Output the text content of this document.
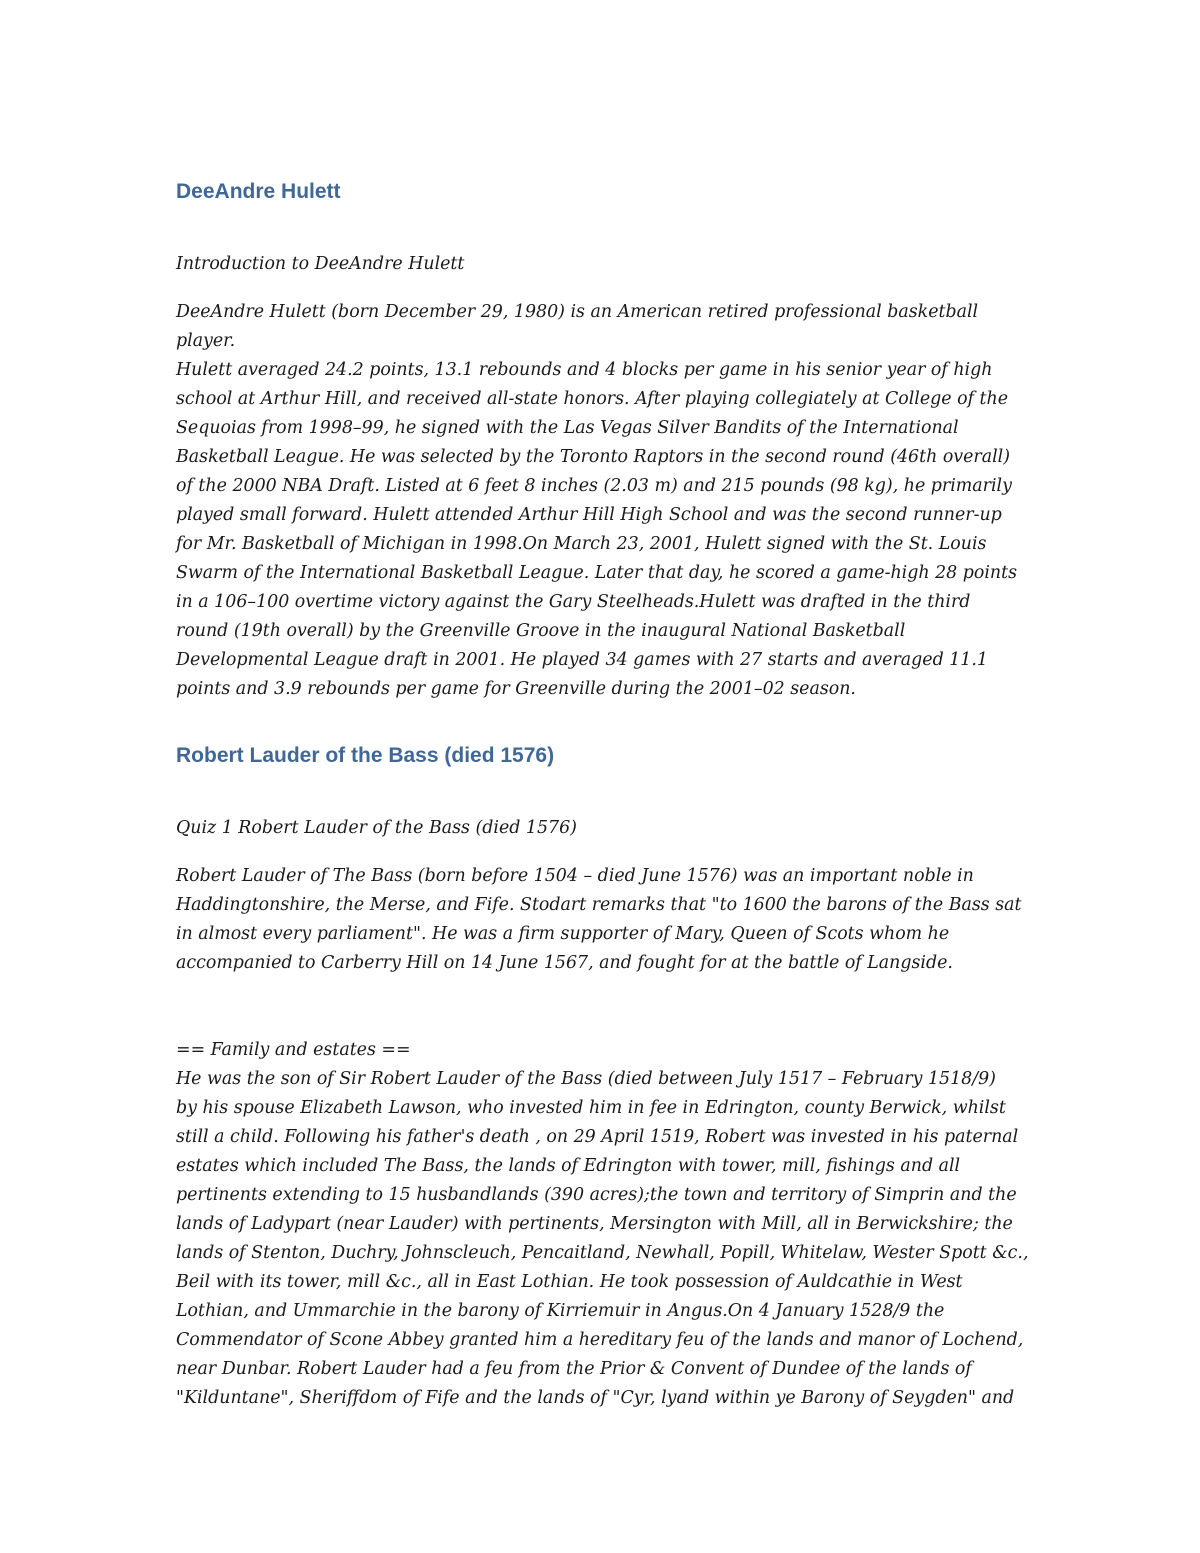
DeeAndre Hulett

Introduction to DeeAndre Hulett

DeeAndre Hulett (born December 29, 1980) is an American retired professional basketball
player.
Hulett averaged 24.2 points, 13.1 rebounds and 4 blocks per game in his senior year of high
school at Arthur Hill, and received all-state honors. After playing collegiately at College of the
Sequoias from 1998–99, he signed with the Las Vegas Silver Bandits of the International
Basketball League. He was selected by the Toronto Raptors in the second round (46th overall)
of the 2000 NBA Draft. Listed at 6 feet 8 inches (2.03 m) and 215 pounds (98 kg), he primarily
played small forward. Hulett attended Arthur Hill High School and was the second runner-up
for Mr. Basketball of Michigan in 1998.On March 23, 2001, Hulett signed with the St. Louis
Swarm of the International Basketball League. Later that day, he scored a game-high 28 points
in a 106–100 overtime victory against the Gary Steelheads.Hulett was drafted in the third
round (19th overall) by the Greenville Groove in the inaugural National Basketball
Developmental League draft in 2001. He played 34 games with 27 starts and averaged 11.1
points and 3.9 rebounds per game for Greenville during the 2001–02 season.

Robert Lauder of the Bass (died 1576)

Quiz 1 Robert Lauder of the Bass (died 1576)

Robert Lauder of The Bass (born before 1504 – died June 1576) was an important noble in
Haddingtonshire, the Merse, and Fife. Stodart remarks that "to 1600 the barons of the Bass sat
in almost every parliament". He was a firm supporter of Mary, Queen of Scots whom he
accompanied to Carberry Hill on 14 June 1567, and fought for at the battle of Langside.

== Family and estates ==
He was the son of Sir Robert Lauder of the Bass (died between July 1517 – February 1518/9)
by his spouse Elizabeth Lawson, who invested him in fee in Edrington, county Berwick, whilst
still a child. Following his father's death , on 29 April 1519, Robert was invested in his paternal
estates which included The Bass, the lands of Edrington with tower, mill, fishings and all
pertinents extending to 15 husbandlands (390 acres);the town and territory of Simprin and the
lands of Ladypart (near Lauder) with pertinents, Mersington with Mill, all in Berwickshire; the
lands of Stenton, Duchry, Johnscleuch, Pencaitland, Newhall, Popill, Whitelaw, Wester Spott &c.,
Beil with its tower, mill &c., all in East Lothian. He took possession of Auldcathie in West
Lothian, and Ummarchie in the barony of Kirriemuir in Angus.On 4 January 1528/9 the
Commendator of Scone Abbey granted him a hereditary feu of the lands and manor of Lochend,
near Dunbar. Robert Lauder had a feu from the Prior & Convent of Dundee of the lands of
"Kilduntane", Sheriffdom of Fife and the lands of "Cyr, lyand within ye Barony of Seygden" and
